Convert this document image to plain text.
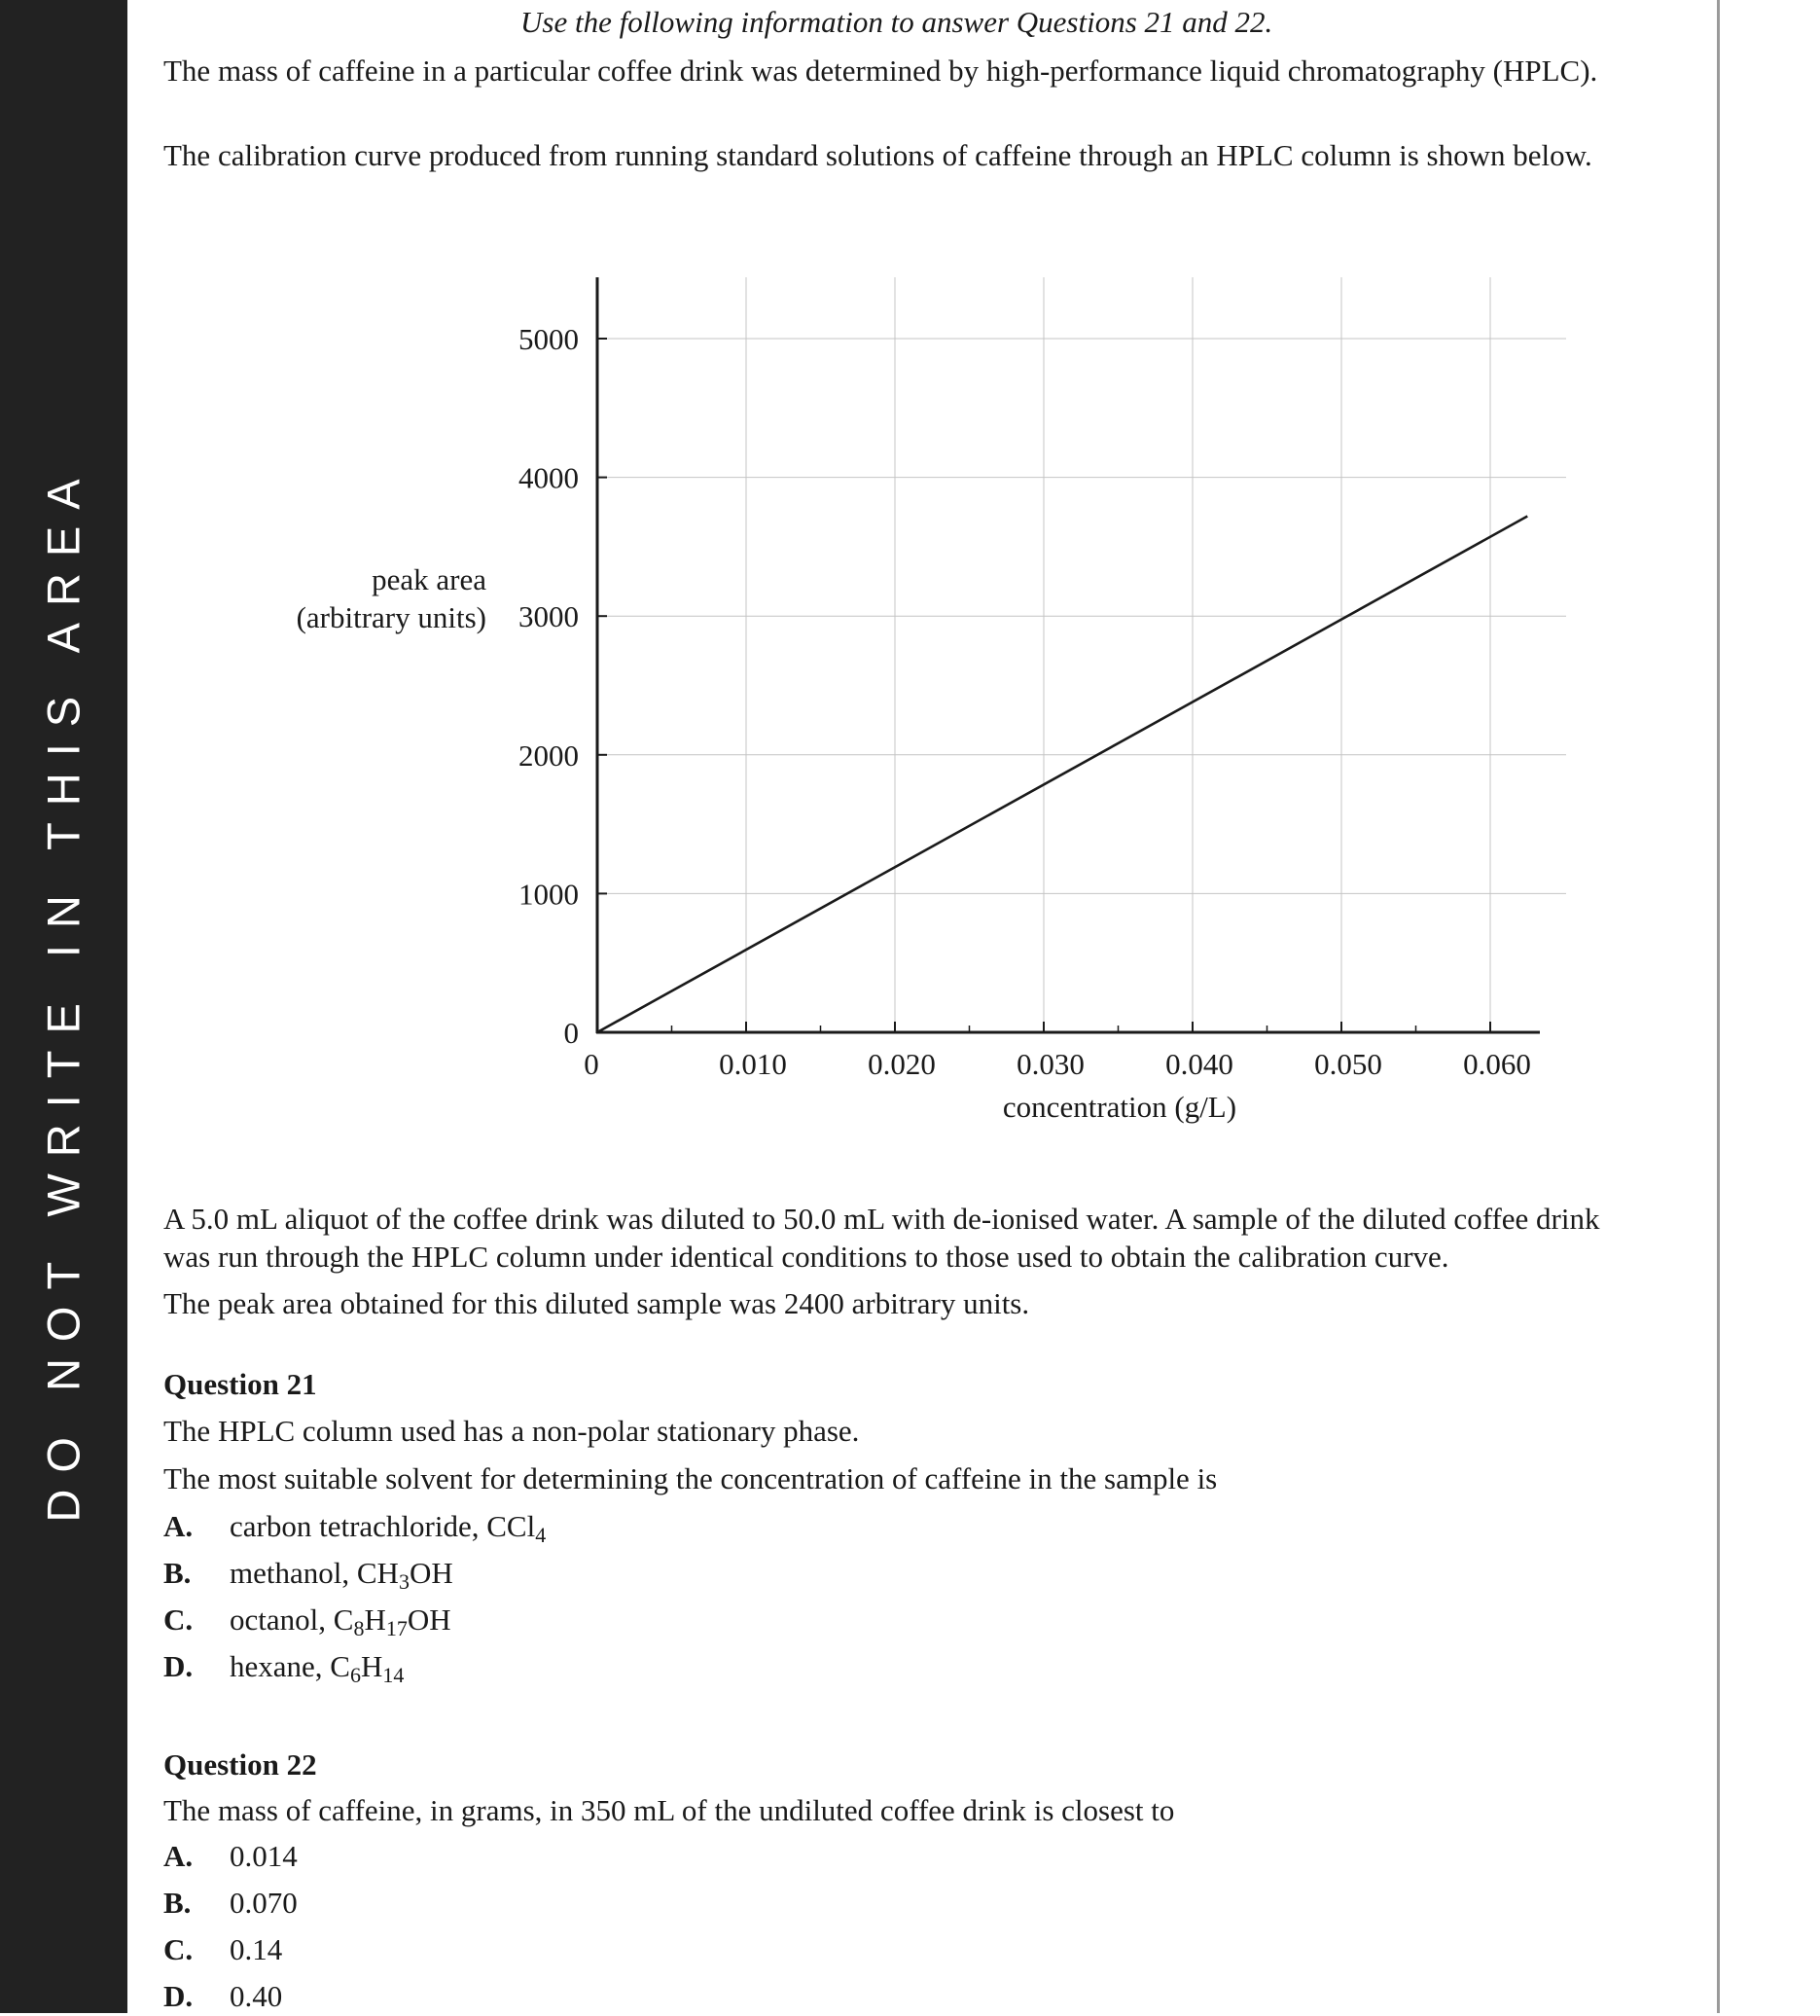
DO NOT WRITE IN THIS AREA
Use the following information to answer Questions 21 and 22.
The mass of caffeine in a particular coffee drink was determined by high-performance liquid chromatography (HPLC).
The calibration curve produced from running standard solutions of caffeine through an HPLC column is shown below.
0	0.010	0.020	0.030	0.040	0.050	0.060
0
1000
2000
3000
4000
5000
peak area
(arbitrary units)
concentration (g/L)
A 5.0 mL aliquot of the coffee drink was diluted to 50.0 mL with de-ionised water. A sample of the diluted coffee drink was run through the HPLC column under identical conditions to those used to obtain the calibration curve.
The peak area obtained for this diluted sample was 2400 arbitrary units.
Question 21
The HPLC column used has a non-polar stationary phase.
The most suitable solvent for determining the concentration of caffeine in the sample is
A. carbon tetrachloride, CCl$_4$
B. methanol, $CH_3OH$
C. octanol, $C_8H_{17}OH$
D. hexane, $C_6H_{14}$
Question 22
The mass of caffeine, in grams, in 350 mL of the undiluted coffee drink is closest to
A. 0.014
B. 0.070
C. 0.14
D. 0.40
